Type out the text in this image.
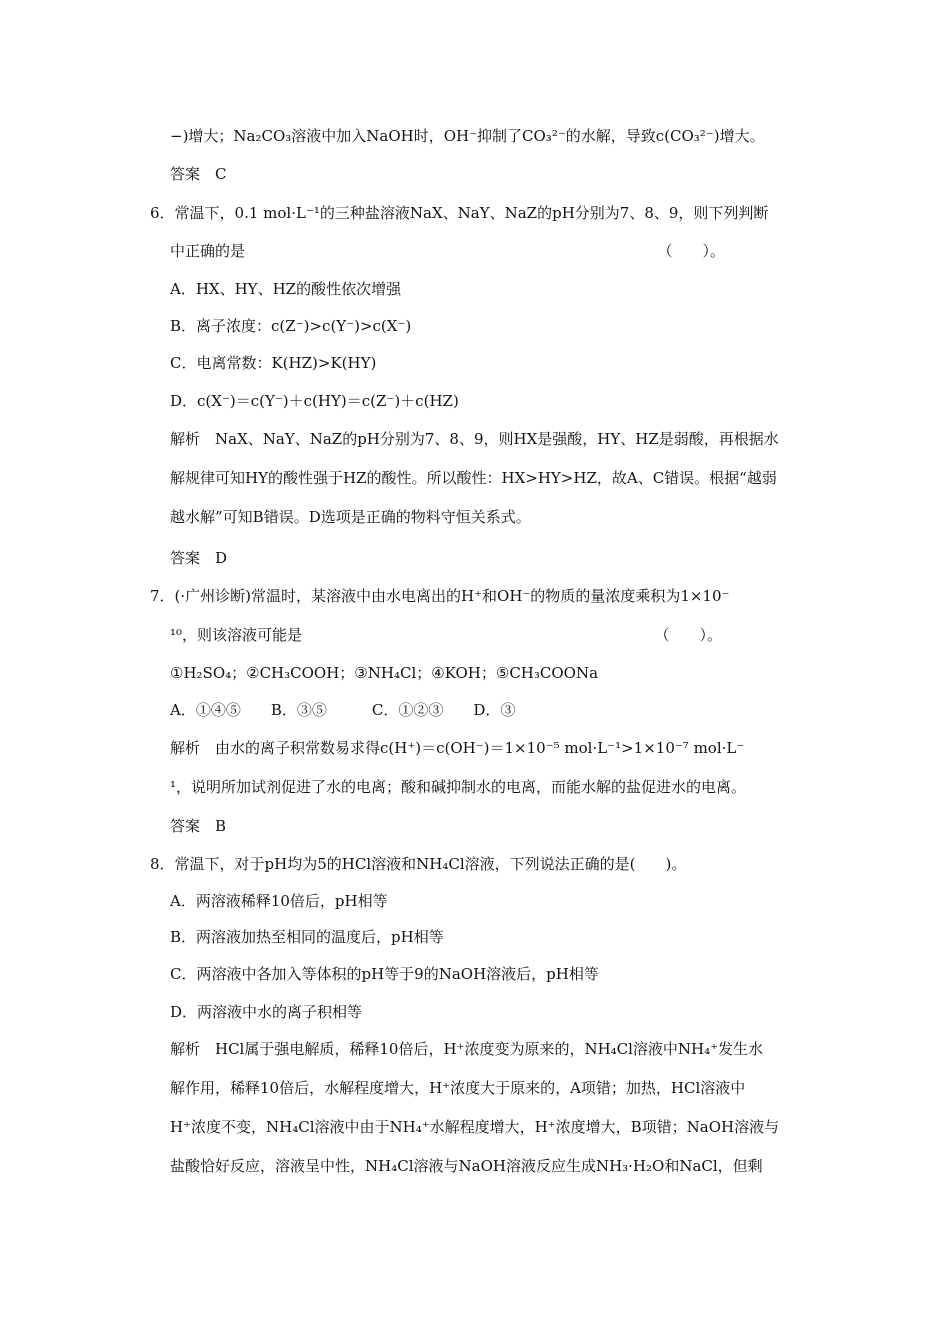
−)增大；Na₂CO₃溶液中加入NaOH时，OH⁻抑制了CO₃²⁻的水解，导致c(CO₃²⁻)增大。
答案　C
6．常温下，0.1 mol·L⁻¹的三种盐溶液NaX、NaY、NaZ的pH分别为7、8、9，则下列判断
中正确的是　　　　　　　　　　　　　　　　　　　　　　　　　　　　（　　）。
A．HX、HY、HZ的酸性依次增强
B．离子浓度：c(Z⁻)>c(Y⁻)>c(X⁻)
C．电离常数：K(HZ)>K(HY)
D．c(X⁻)＝c(Y⁻)＋c(HY)＝c(Z⁻)＋c(HZ)
解析　NaX、NaY、NaZ的pH分别为7、8、9，则HX是强酸，HY、HZ是弱酸，再根据水
解规律可知HY的酸性强于HZ的酸性。所以酸性：HX>HY>HZ，故A、C错误。根据“越弱
越水解”可知B错误。D选项是正确的物料守恒关系式。
答案　D
7．(·广州诊断)常温时，某溶液中由水电离出的H⁺和OH⁻的物质的量浓度乘积为1×10⁻
¹⁰，则该溶液可能是　　　　　　　　　　　　　　　　　　　　　　　　（　　）。
①H₂SO₄；②CH₃COOH；③NH₄Cl；④KOH；⑤CH₃COONa
A．①④⑤　　B．③⑤　　　C．①②③　　D．③
解析　由水的离子积常数易求得c(H⁺)＝c(OH⁻)＝1×10⁻⁵ mol·L⁻¹>1×10⁻⁷ mol·L⁻
¹，说明所加试剂促进了水的电离；酸和碱抑制水的电离，而能水解的盐促进水的电离。
答案　B
8．常温下，对于pH均为5的HCl溶液和NH₄Cl溶液，下列说法正确的是(　　)。
A．两溶液稀释10倍后，pH相等
B．两溶液加热至相同的温度后，pH相等
C．两溶液中各加入等体积的pH等于9的NaOH溶液后，pH相等
D．两溶液中水的离子积相等
解析　HCl属于强电解质，稀释10倍后，H⁺浓度变为原来的，NH₄Cl溶液中NH₄⁺发生水
解作用，稀释10倍后，水解程度增大，H⁺浓度大于原来的，A项错；加热，HCl溶液中
H⁺浓度不变，NH₄Cl溶液中由于NH₄⁺水解程度增大，H⁺浓度增大，B项错；NaOH溶液与
盐酸恰好反应，溶液呈中性，NH₄Cl溶液与NaOH溶液反应生成NH₃·H₂O和NaCl，但剩
